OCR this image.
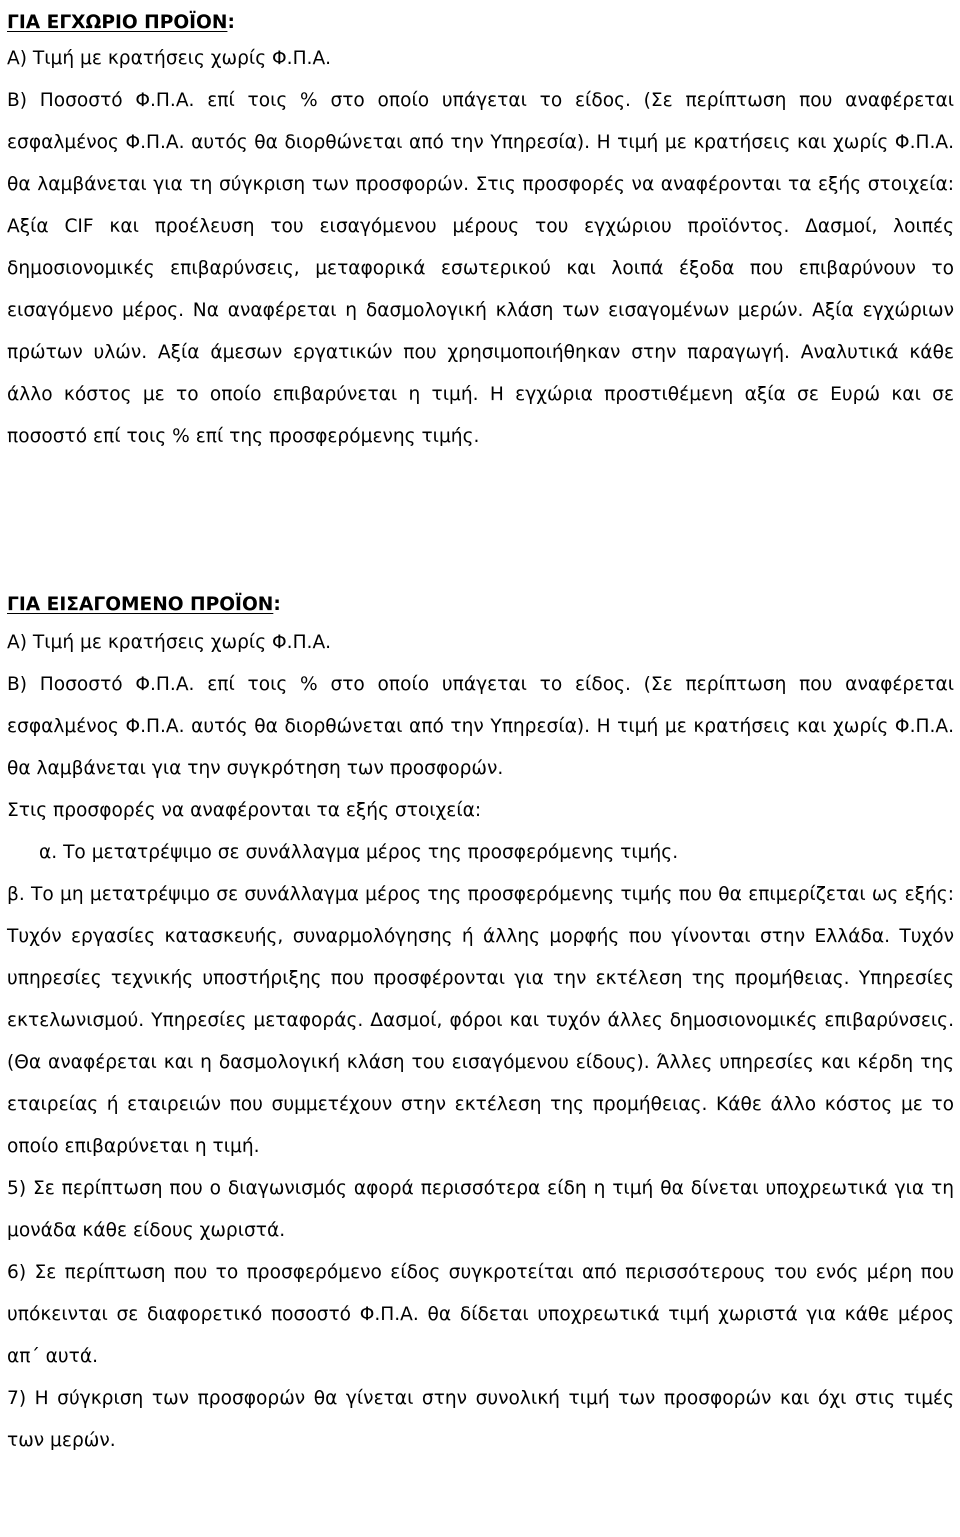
ΓΙΑ ΕΓΧΩΡΙΟ ΠΡΟΪΟΝ:

Α) Τιμή με κρατήσεις χωρίς Φ.Π.Α.

Β) Ποσοστό Φ.Π.Α. επί τοις % στο οποίο υπάγεται το είδος. (Σε περίπτωση που αναφέρεται εσφαλμένος Φ.Π.Α. αυτός θα διορθώνεται από την Υπηρεσία). Η τιμή με κρατήσεις και χωρίς Φ.Π.Α. θα λαμβάνεται για τη σύγκριση των προσφορών. Στις προσφορές να αναφέρονται τα εξής στοιχεία: Αξία CIF και προέλευση του εισαγόμενου μέρους του εγχώριου προϊόντος. Δασμοί, λοιπές δημοσιονομικές επιβαρύνσεις, μεταφορικά εσωτερικού και λοιπά έξοδα που επιβαρύνουν το εισαγόμενο μέρος. Να αναφέρεται η δασμολογική κλάση των εισαγομένων μερών. Αξία εγχώριων πρώτων υλών. Αξία άμεσων εργατικών που χρησιμοποιήθηκαν στην παραγωγή. Αναλυτικά κάθε άλλο κόστος με το οποίο επιβαρύνεται η τιμή. Η εγχώρια προστιθέμενη αξία σε Ευρώ και σε ποσοστό επί τοις % επί της προσφερόμενης τιμής.

ΓΙΑ ΕΙΣΑΓΟΜΕΝΟ ΠΡΟΪΟΝ:

Α) Τιμή με κρατήσεις χωρίς Φ.Π.Α.

Β) Ποσοστό Φ.Π.Α. επί τοις % στο οποίο υπάγεται το είδος. (Σε περίπτωση που αναφέρεται εσφαλμένος Φ.Π.Α. αυτός θα διορθώνεται από την Υπηρεσία). Η τιμή με κρατήσεις και χωρίς Φ.Π.Α. θα λαμβάνεται για την συγκρότηση των προσφορών.

Στις προσφορές να αναφέρονται τα εξής στοιχεία:

α. Το μετατρέψιμο σε συνάλλαγμα μέρος της προσφερόμενης τιμής.

β. Το μη μετατρέψιμο σε συνάλλαγμα μέρος της προσφερόμενης τιμής που θα επιμερίζεται ως εξής: Τυχόν εργασίες κατασκευής, συναρμολόγησης ή άλλης μορφής που γίνονται στην Ελλάδα. Τυχόν υπηρεσίες τεχνικής υποστήριξης που προσφέρονται για την εκτέλεση της προμήθειας. Υπηρεσίες εκτελωνισμού. Υπηρεσίες μεταφοράς. Δασμοί, φόροι και τυχόν άλλες δημοσιονομικές επιβαρύνσεις. (Θα αναφέρεται και η δασμολογική κλάση του εισαγόμενου είδους). Άλλες υπηρεσίες και κέρδη της εταιρείας ή εταιρειών που συμμετέχουν στην εκτέλεση της προμήθειας. Κάθε άλλο κόστος με το οποίο επιβαρύνεται η τιμή.

5) Σε περίπτωση που ο διαγωνισμός αφορά περισσότερα είδη η τιμή θα δίνεται υποχρεωτικά για τη μονάδα κάθε είδους χωριστά.

6) Σε περίπτωση που το προσφερόμενο είδος συγκροτείται από περισσότερους του ενός μέρη που υπόκεινται σε διαφορετικό ποσοστό Φ.Π.Α. θα δίδεται υποχρεωτικά τιμή χωριστά για κάθε μέρος απ΄ αυτά.

7) Η σύγκριση των προσφορών θα γίνεται στην συνολική τιμή των προσφορών και όχι στις τιμές των μερών.
